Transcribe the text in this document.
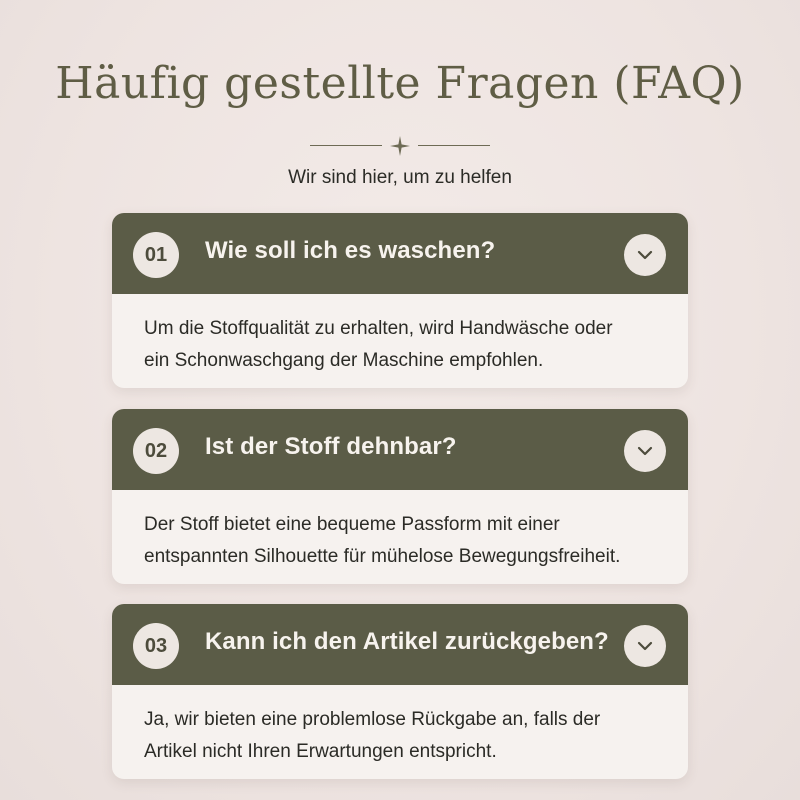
Häufig gestellte Fragen (FAQ)
Wir sind hier, um zu helfen
01	Wie soll ich es waschen?
Um die Stoffqualität zu erhalten, wird Handwäsche oder
ein Schonwaschgang der Maschine empfohlen.
02	Ist der Stoff dehnbar?
Der Stoff bietet eine bequeme Passform mit einer
entspannten Silhouette für mühelose Bewegungsfreiheit.
03	Kann ich den Artikel zurückgeben?
Ja, wir bieten eine problemlose Rückgabe an, falls der
Artikel nicht Ihren Erwartungen entspricht.
